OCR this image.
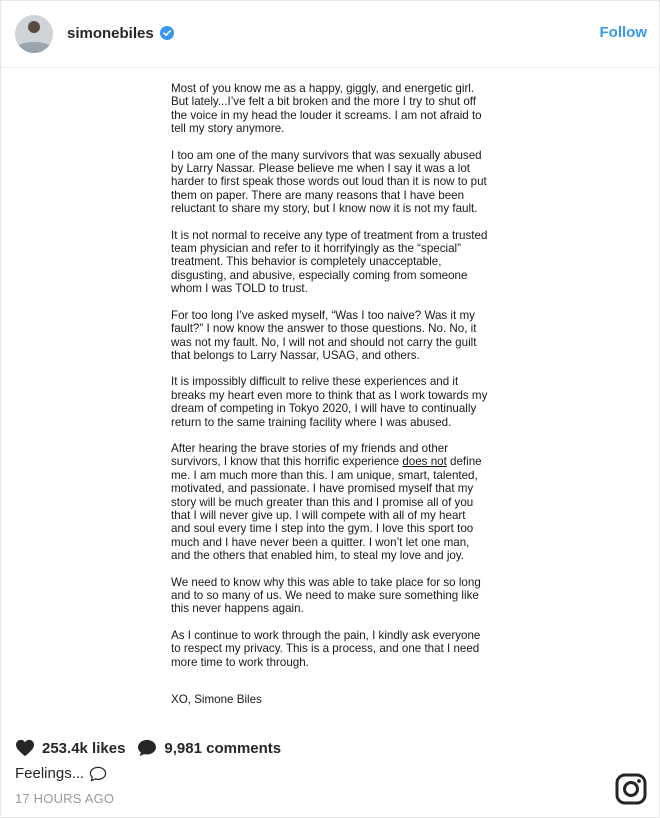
simonebiles	Follow

Most of you know me as a happy, giggly, and energetic girl.
But lately...I’ve felt a bit broken and the more I try to shut off
the voice in my head the louder it screams. I am not afraid to
tell my story anymore.

I too am one of the many survivors that was sexually abused
by Larry Nassar. Please believe me when I say it was a lot
harder to first speak those words out loud than it is now to put
them on paper. There are many reasons that I have been
reluctant to share my story, but I know now it is not my fault.

It is not normal to receive any type of treatment from a trusted
team physician and refer to it horrifyingly as the “special”
treatment. This behavior is completely unacceptable,
disgusting, and abusive, especially coming from someone
whom I was TOLD to trust.

For too long I’ve asked myself, “Was I too naive? Was it my
fault?” I now know the answer to those questions. No. No, it
was not my fault. No, I will not and should not carry the guilt
that belongs to Larry Nassar, USAG, and others.

It is impossibly difficult to relive these experiences and it
breaks my heart even more to think that as I work towards my
dream of competing in Tokyo 2020, I will have to continually
return to the same training facility where I was abused.

After hearing the brave stories of my friends and other
survivors, I know that this horrific experience does not define
me. I am much more than this. I am unique, smart, talented,
motivated, and passionate. I have promised myself that my
story will be much greater than this and I promise all of you
that I will never give up. I will compete with all of my heart
and soul every time I step into the gym. I love this sport too
much and I have never been a quitter. I won’t let one man,
and the others that enabled him, to steal my love and joy.

We need to know why this was able to take place for so long
and to so many of us. We need to make sure something like
this never happens again.

As I continue to work through the pain, I kindly ask everyone
to respect my privacy. This is a process, and one that I need
more time to work through.

XO, Simone Biles

253.4k likes	9,981 comments
Feelings...
17 HOURS AGO
